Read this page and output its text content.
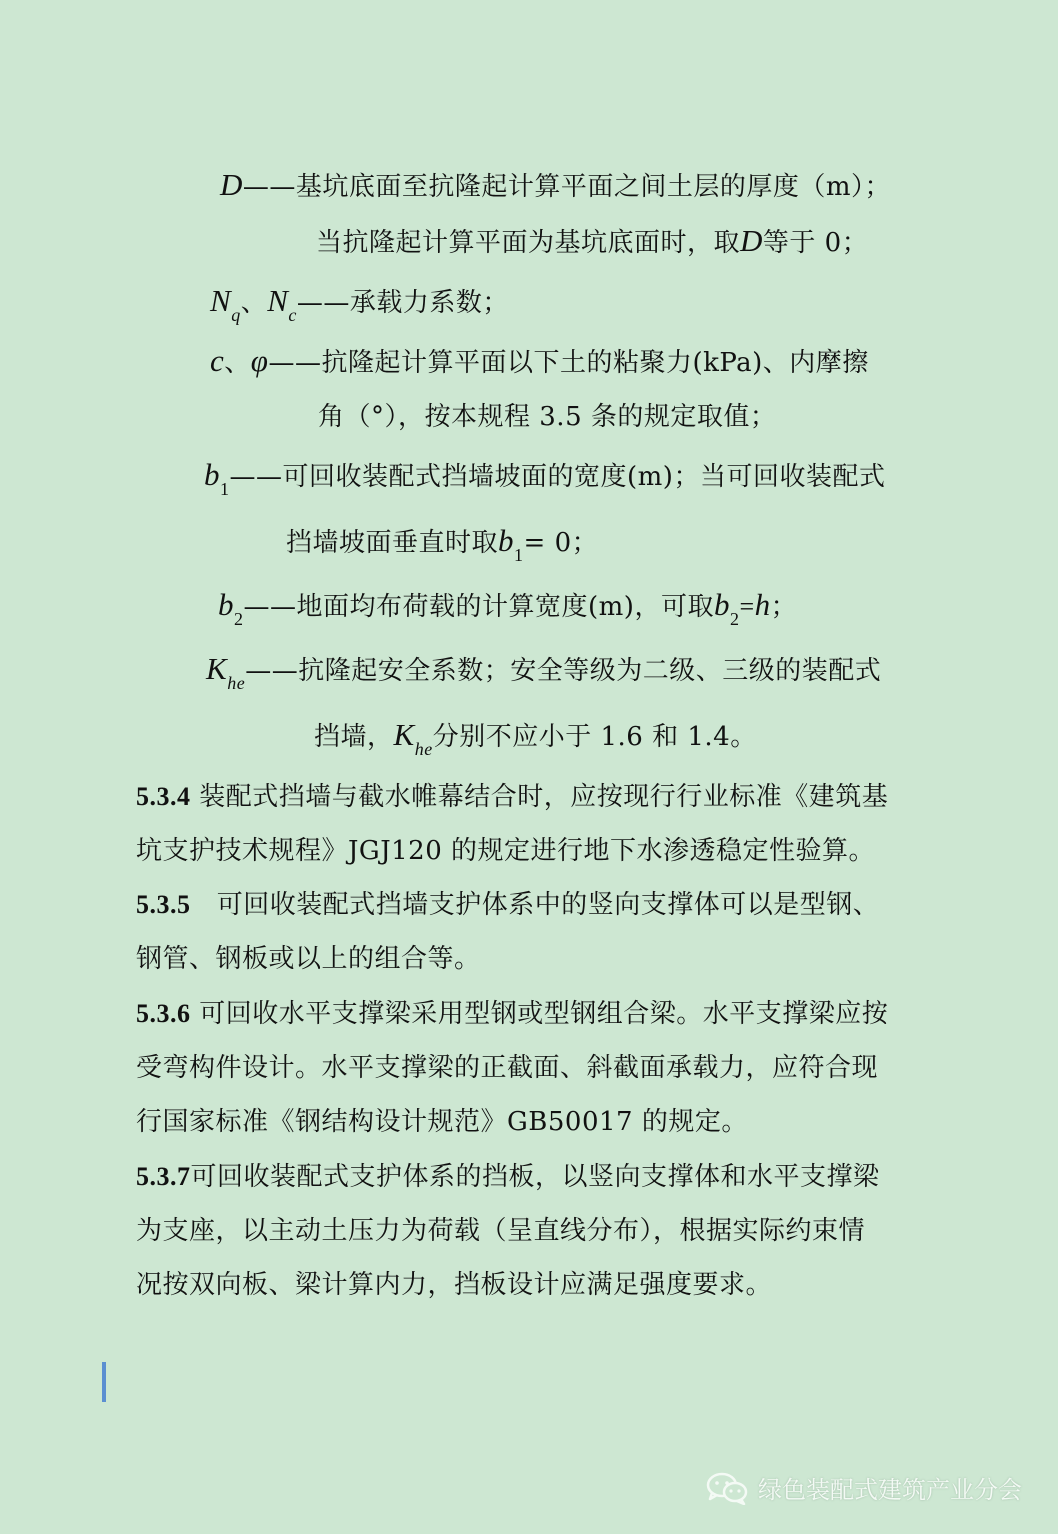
D——基坑底面至抗隆起计算平面之间土层的厚度（m）；
当抗隆起计算平面为基坑底面时，取D等于 0；
$N_q$、$N_c——$承载力系数；
c、φ——抗隆起计算平面以下土的粘聚力(kPa)、内摩擦
角（°），按本规程 3.5 条的规定取值；
$b_1——$可回收装配式挡墙坡面的宽度(m)；当可回收装配式
挡墙坡面垂直时取$b_1= 0$；
$b_2——$地面均布荷载的计算宽度(m)，可取$b_2=h$；
$K_{he}——$抗隆起安全系数；安全等级为二级、三级的装配式
挡墙，$K_{he}$分别不应小于 1.6 和 1.4。
5.3.4 装配式挡墙与截水帷幕结合时，应按现行行业标准《建筑基
坑支护技术规程》JGJ120 的规定进行地下水渗透稳定性验算。
5.3.5 可回收装配式挡墙支护体系中的竖向支撑体可以是型钢、
钢管、钢板或以上的组合等。
5.3.6 可回收水平支撑梁采用型钢或型钢组合梁。水平支撑梁应按
受弯构件设计。水平支撑梁的正截面、斜截面承载力，应符合现
行国家标准《钢结构设计规范》GB50017 的规定。
5.3.7可回收装配式支护体系的挡板，以竖向支撑体和水平支撑梁
为支座，以主动土压力为荷载（呈直线分布），根据实际约束情
况按双向板、梁计算内力，挡板设计应满足强度要求。
绿色装配式建筑产业分会
